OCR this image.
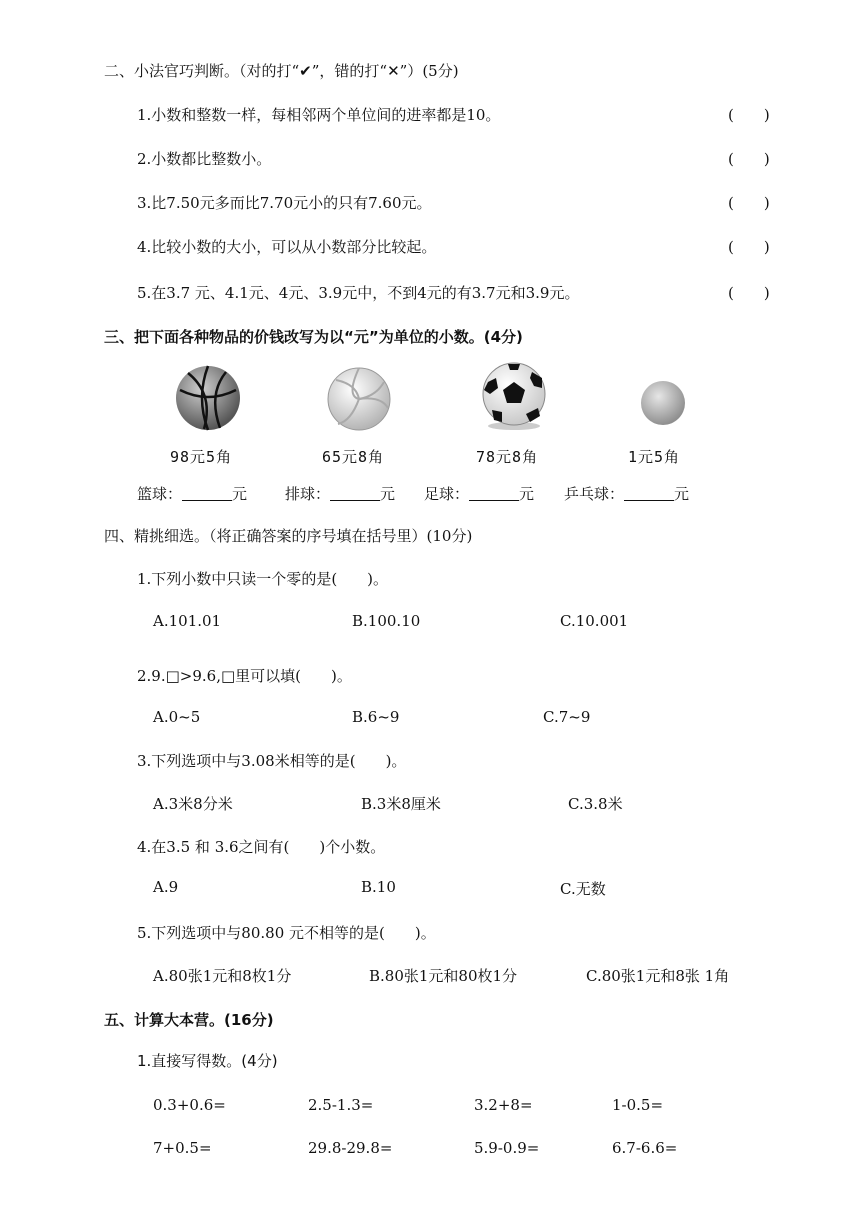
二、小法官巧判断。（对的打“✔”，错的打“✕”）(5分)
1.小数和整数一样，每相邻两个单位间的进率都是10。	(　　)
2.小数都比整数小。	(　　)
3.比7.50元多而比7.70元小的只有7.60元。	(　　)
4.比较小数的大小，可以从小数部分比较起。	(　　)
5.在3.7 元、4.1元、4元、3.9元中，不到4元的有3.7元和3.9元。	(　　)
三、把下面各种物品的价钱改写为以“元”为单位的小数。(4分)
98元5角	65元8角	78元8角	1元5角
篮球：	元	排球：	元 足球：	元 乒乓球：	元
四、精挑细选。（将正确答案的序号填在括号里）(10分)
1.下列小数中只读一个零的是(　　)。
A.101.01	B.100.10	C.10.001
2.9.□>9.6,□里可以填(　　)。
A.0~5	B.6~9	C.7~9
3.下列选项中与3.08米相等的是(　　)。
A.3米8分米	B.3米8厘米	C.3.8米
4.在3.5 和 3.6之间有(　　)个小数。
A.9	B.10	C.无数
5.下列选项中与80.80 元不相等的是(　　)。
A.80张1元和8枚1分	B.80张1元和80枚1分	C.80张1元和8张 1角
五、计算大本营。(16分)
1.直接写得数。(4分)
0.3+0.6=	2.5-1.3=	3.2+8=	1-0.5=
7+0.5=	29.8-29.8=	5.9-0.9=	6.7-6.6=
